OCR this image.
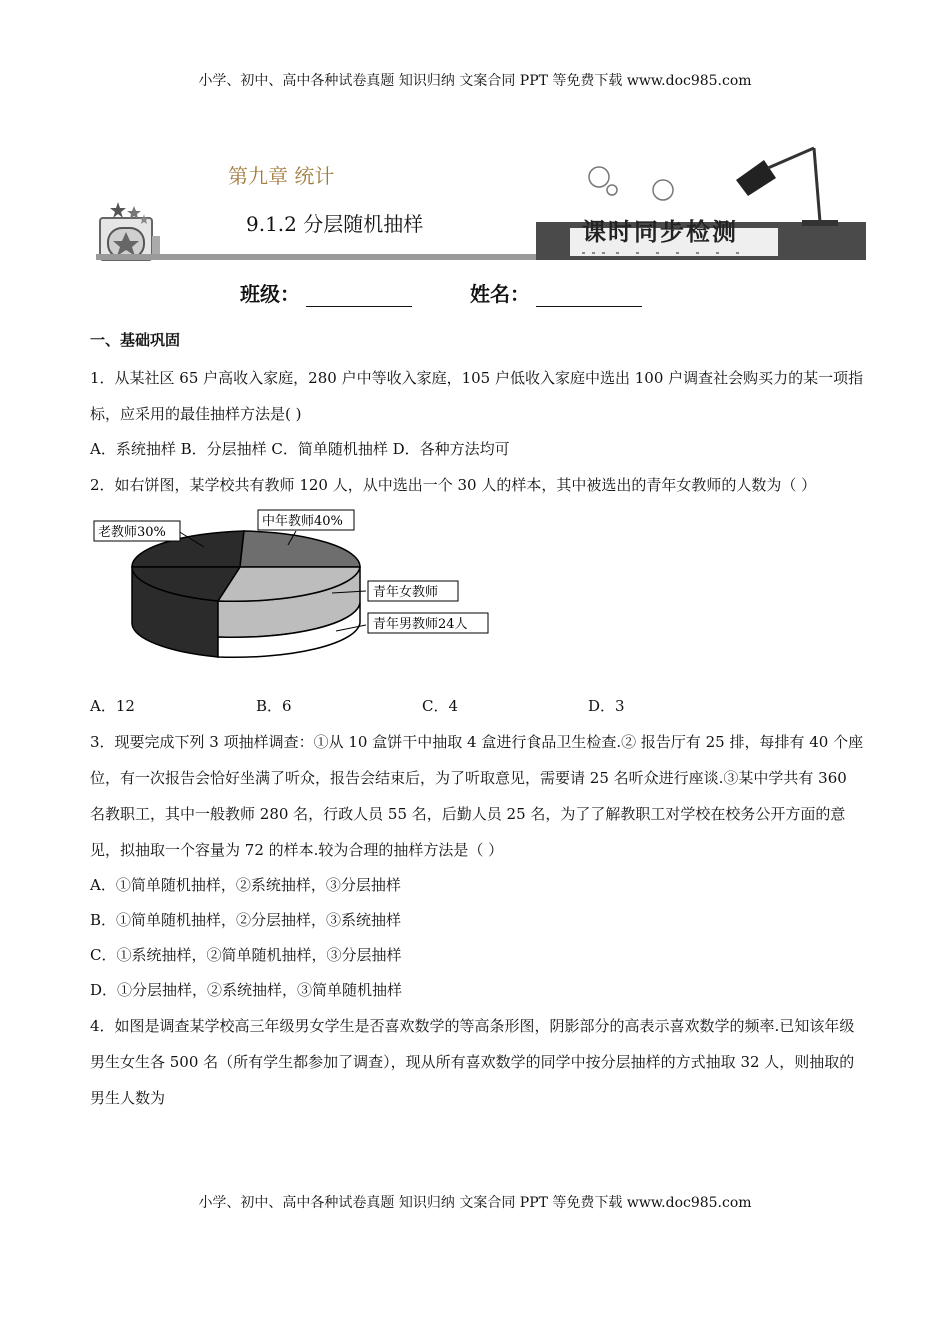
小学、初中、高中各种试卷真题 知识归纳 文案合同 PPT 等免费下载 www.doc985.com
第九章 统计
9.1.2 分层随机抽样	课时同步检测
班级：	姓名：

一、基础巩固

1．从某社区 65 户高收入家庭，280 户中等收入家庭，105 户低收入家庭中选出 100 户调查社会购买力的某一项指标，应采用的最佳抽样方法是( )

A．系统抽样 B．分层抽样 C．简单随机抽样 D．各种方法均可

2．如右饼图，某学校共有教师 120 人，从中选出一个 30 人的样本，其中被选出的青年女教师的人数为（ ）

老教师30%
中年教师40%
青年女教师
青年男教师24人
A．12	B．6	C．4	D．3

3．现要完成下列 3 项抽样调查：①从 10 盒饼干中抽取 4 盒进行食品卫生检查.② 报告厅有 25 排，每排有 40 个座位，有一次报告会恰好坐满了听众，报告会结束后，为了听取意见，需要请 25 名听众进行座谈.③某中学共有 360 名教职工，其中一般教师 280 名，行政人员 55 名，后勤人员 25 名，为了了解教职工对学校在校务公开方面的意见，拟抽取一个容量为 72 的样本.较为合理的抽样方法是（ ）

A．①简单随机抽样，②系统抽样，③分层抽样

B．①简单随机抽样，②分层抽样，③系统抽样

C．①系统抽样，②简单随机抽样，③分层抽样

D．①分层抽样，②系统抽样，③简单随机抽样

4．如图是调查某学校高三年级男女学生是否喜欢数学的等高条形图，阴影部分的高表示喜欢数学的频率.已知该年级男生女生各 500 名（所有学生都参加了调查），现从所有喜欢数学的同学中按分层抽样的方式抽取 32 人，则抽取的男生人数为

小学、初中、高中各种试卷真题 知识归纳 文案合同 PPT 等免费下载 www.doc985.com
